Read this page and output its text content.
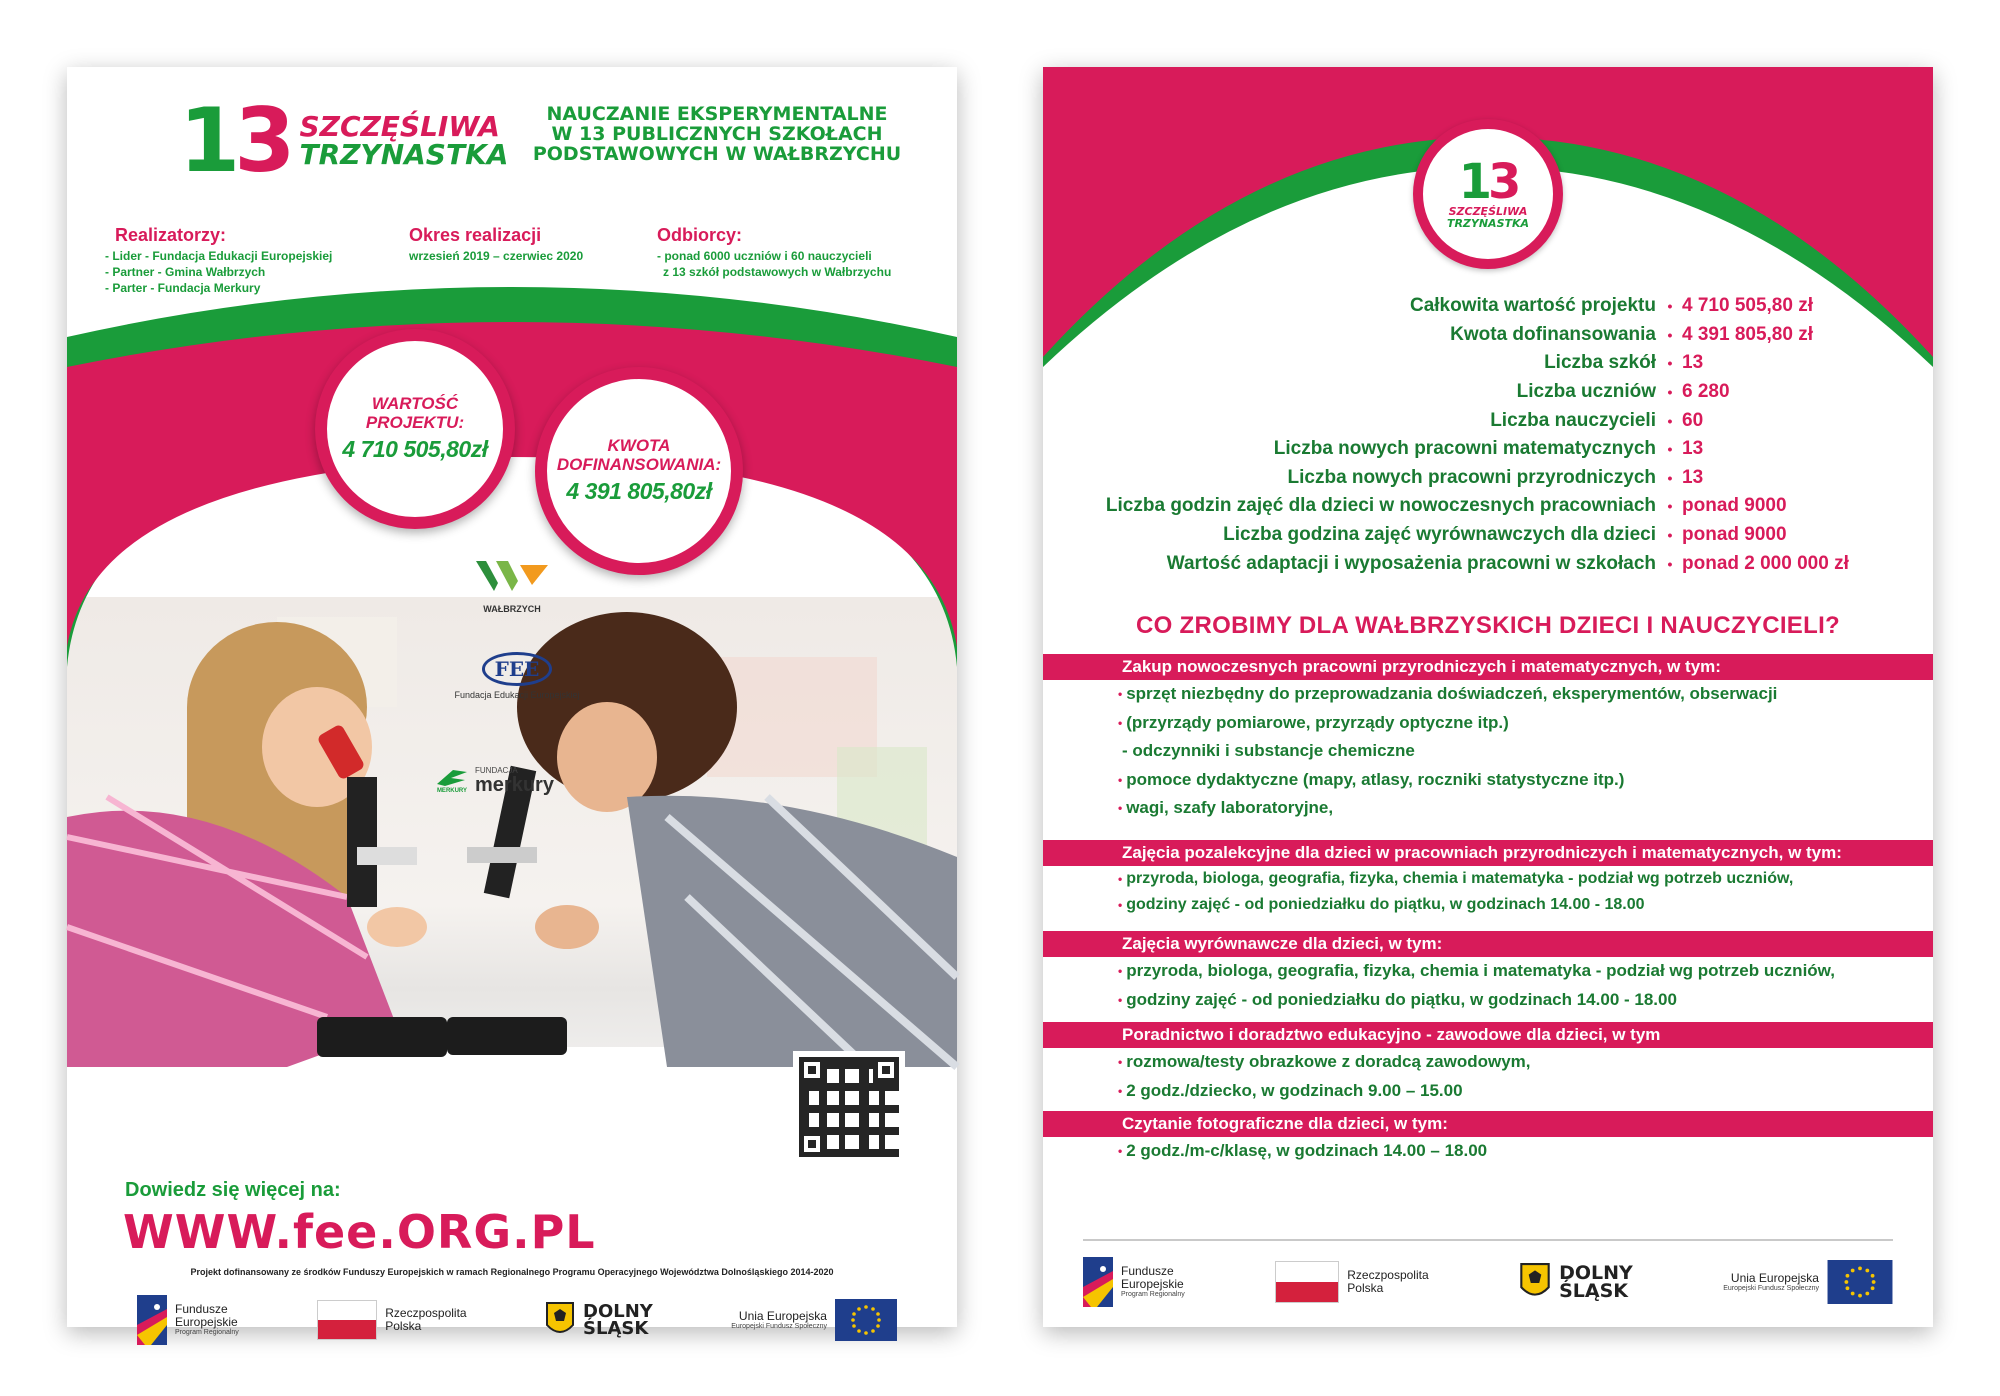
13 SZCZĘŚLIWA
TRZYNASTKA
NAUCZANIE EKSPERYMENTALNE
W 13 PUBLICZNYCH SZKOŁACH
PODSTAWOWYCH W WAŁBRZYCHU
Realizatorzy:

- Lider - Fundacja Edukacji Europejskiej

- Partner - Gmina Wałbrzych

- Parter - Fundacja Merkury

Okres realizacji

wrzesień 2019 – czerwiec 2020

Odbiorcy:

- ponad 6000 uczniów i 60 nauczycieli

z 13 szkół podstawowych w Wałbrzychu

WARTOŚĆ
PROJEKTU:
4 710 505,80zł	KWOTA
DOFINANSOWANIA:
4 391 805,80zł
WAŁBRZYCH
FEE
Fundacja Edukacji Europejskiej
MERKURY
FUNDACJA
merkury
Dowiedz się więcej na:
WWW.fee.ORG.PL
Projekt dofinansowany ze środków Funduszy Europejskich w ramach Regionalnego Programu Operacyjnego Województwa Dolnośląskiego 2014-2020
Fundusze
Europejskie
Program Regionalny
Rzeczpospolita
Polska
DOLNY
ŚLĄSK
Unia Europejska
Europejski Fundusz Społeczny
13
SZCZĘŚLIWA
TRZYNASTKA
Całkowita wartość projektu • 4 710 505,80 zł
Kwota dofinansowania • 4 391 805,80 zł
Liczba szkół • 13
Liczba uczniów • 6 280
Liczba nauczycieli • 60
Liczba nowych pracowni matematycznych • 13
Liczba nowych pracowni przyrodniczych • 13
Liczba godzin zajęć dla dzieci w nowoczesnych pracowniach • ponad 9000
Liczba godzina zajęć wyrównawczych dla dzieci • ponad 9000
Wartość adaptacji i wyposażenia pracowni w szkołach • ponad 2 000 000 zł
CO ZROBIMY DLA WAŁBRZYSKICH DZIECI I NAUCZYCIELI?
Zakup nowoczesnych pracowni przyrodniczych i matematycznych, w tym:
• sprzęt niezbędny do przeprowadzania doświadczeń, eksperymentów, obserwacji
• (przyrządy pomiarowe, przyrządy optyczne itp.)
- odczynniki i substancje chemiczne
• pomoce dydaktyczne (mapy, atlasy, roczniki statystyczne itp.)
• wagi, szafy laboratoryjne,
Zajęcia pozalekcyjne dla dzieci w pracowniach przyrodniczych i matematycznych, w tym:
• przyroda, biologa, geografia, fizyka, chemia i matematyka - podział wg potrzeb uczniów,
• godziny zajęć - od poniedziałku do piątku, w godzinach 14.00 - 18.00
Zajęcia wyrównawcze dla dzieci, w tym:
• przyroda, biologa, geografia, fizyka, chemia i matematyka - podział wg potrzeb uczniów,
• godziny zajęć - od poniedziałku do piątku, w godzinach 14.00 - 18.00
Poradnictwo i doradztwo edukacyjno - zawodowe dla dzieci, w tym
• rozmowa/testy obrazkowe z doradcą zawodowym,
• 2 godz./dziecko, w godzinach 9.00 – 15.00
Czytanie fotograficzne dla dzieci, w tym:
• 2 godz./m-c/klasę, w godzinach 14.00 – 18.00
Fundusze
Europejskie
Program Regionalny
Rzeczpospolita
Polska
DOLNY
ŚLĄSK
Unia Europejska
Europejski Fundusz Społeczny
